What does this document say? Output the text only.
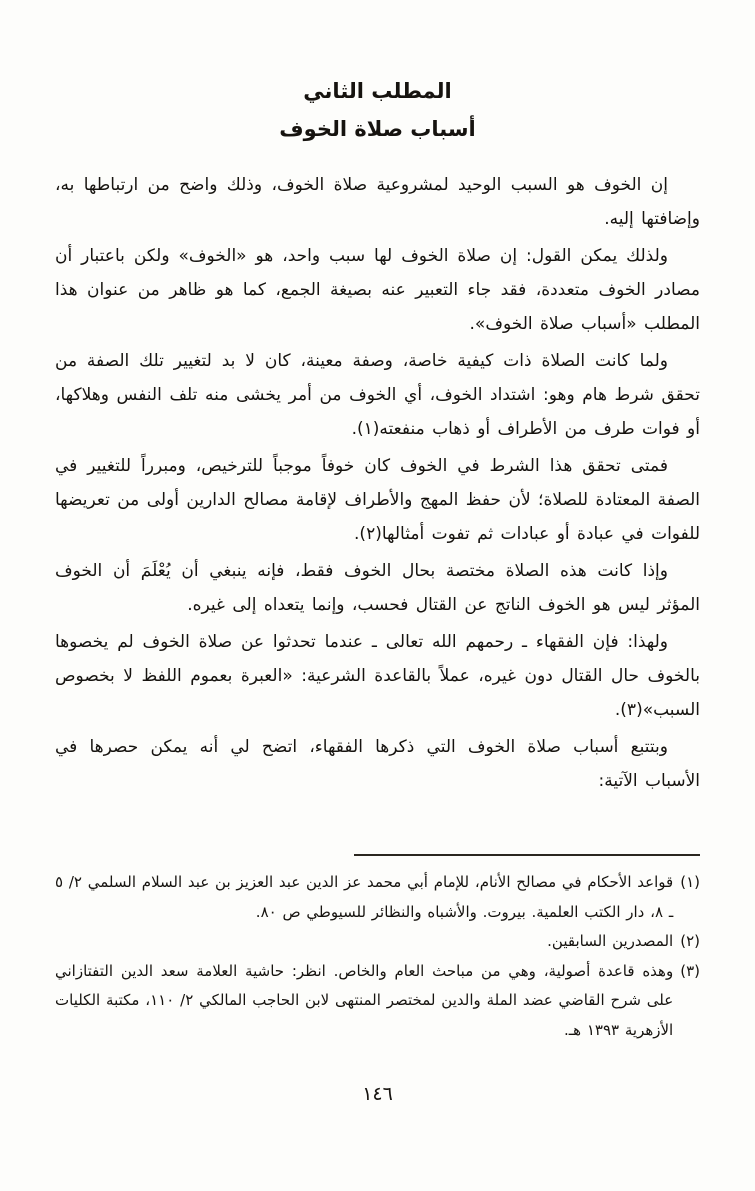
المطلب الثاني
أسباب صلاة الخوف

إن الخوف هو السبب الوحيد لمشروعية صلاة الخوف، وذلك واضح من ارتباطها به، وإضافتها إليه.

ولذلك يمكن القول: إن صلاة الخوف لها سبب واحد، هو «الخوف» ولكن باعتبار أن مصادر الخوف متعددة، فقد جاء التعبير عنه بصيغة الجمع، كما هو ظاهر من عنوان هذا المطلب «أسباب صلاة الخوف».

ولما كانت الصلاة ذات كيفية خاصة، وصفة معينة، كان لا بد لتغيير تلك الصفة من تحقق شرط هام وهو: اشتداد الخوف، أي الخوف من أمر يخشى منه تلف النفس وهلاكها، أو فوات طرف من الأطراف أو ذهاب منفعته(١).

فمتى تحقق هذا الشرط في الخوف كان خوفاً موجباً للترخيص، ومبرراً للتغيير في الصفة المعتادة للصلاة؛ لأن حفظ المهج والأطراف لإقامة مصالح الدارين أولى من تعريضها للفوات في عبادة أو عبادات ثم تفوت أمثالها(٢).

وإذا كانت هذه الصلاة مختصة بحال الخوف فقط، فإنه ينبغي أن يُعْلَمَ أن الخوف المؤثر ليس هو الخوف الناتج عن القتال فحسب، وإنما يتعداه إلى غيره.

ولهذا: فإن الفقهاء ـ رحمهم الله تعالى ـ عندما تحدثوا عن صلاة الخوف لم يخصوها بالخوف حال القتال دون غيره، عملاً بالقاعدة الشرعية: «العبرة بعموم اللفظ لا بخصوص السبب»(٣).

وبتتبع أسباب صلاة الخوف التي ذكرها الفقهاء، اتضح لي أنه يمكن حصرها في الأسباب الآتية:

(١)
قواعد الأحكام في مصالح الأنام، للإمام أبي محمد عز الدين عبد العزيز بن عبد السلام السلمي ٢/ ٥ ـ ٨، دار الكتب العلمية. بيروت. والأشباه والنظائر للسيوطي ص ٨٠.
(٢)
المصدرين السابقين.
(٣)
وهذه قاعدة أصولية، وهي من مباحث العام والخاص. انظر: حاشية العلامة سعد الدين التفتازاني على شرح القاضي عضد الملة والدين لمختصر المنتهى لابن الحاجب المالكي ٢/ ١١٠، مكتبة الكليات الأزهرية ١٣٩٣ هـ.
١٤٦
